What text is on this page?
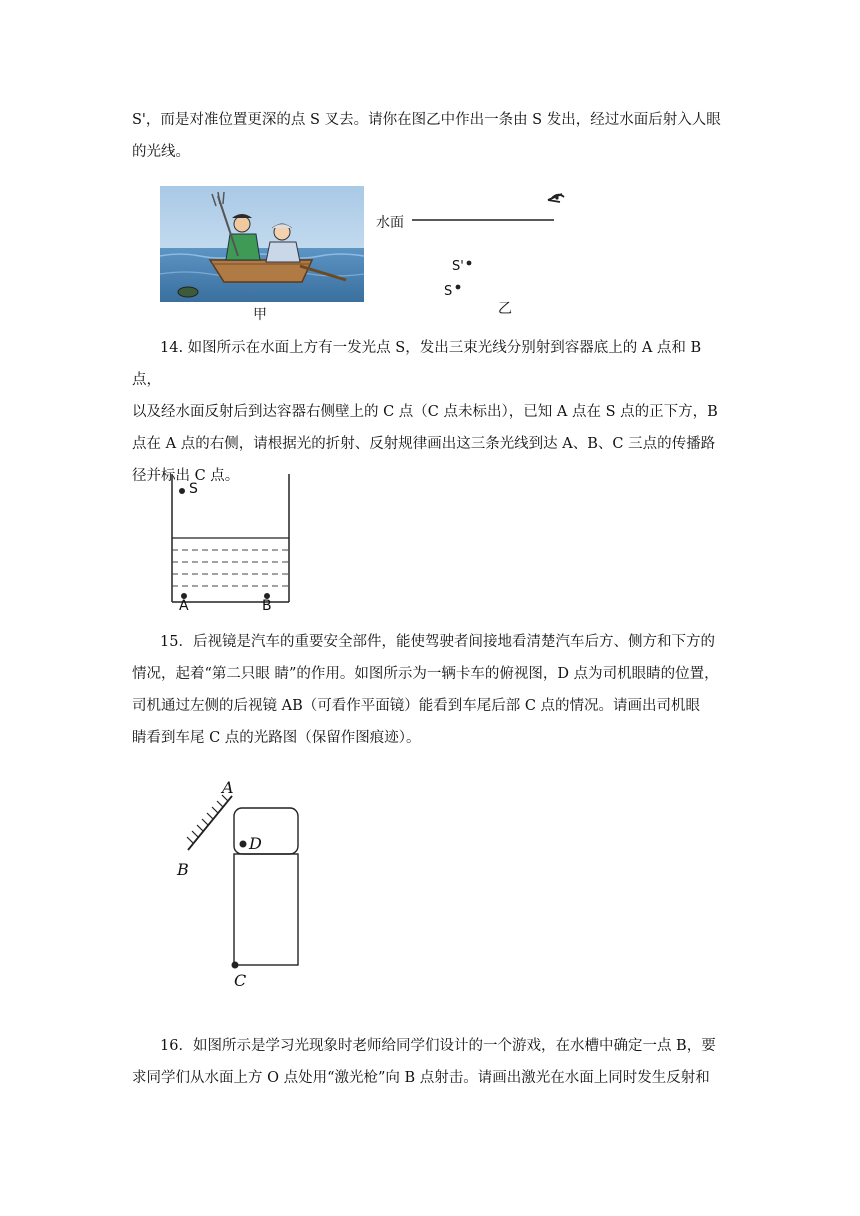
S'，而是对准位置更深的点 S 叉去。请你在图乙中作出一条由 S 发出，经过水面后射入人眼

的光线。

甲
水面
S'
S
乙

14. 如图所示在水面上方有一发光点 S，发出三束光线分别射到容器底上的 A 点和 B 点，

以及经水面反射后到达容器右侧壁上的 C 点（C 点未标出），已知 A 点在 S 点的正下方，B

点在 A 点的右侧，请根据光的折射、反射规律画出这三条光线到达 A、B、C 三点的传播路

径并标出 C 点。

S
A	B

15．后视镜是汽车的重要安全部件，能使驾驶者间接地看清楚汽车后方、侧方和下方的

情况，起着“第二只眼 睛”的作用。如图所示为一辆卡车的俯视图，D 点为司机眼睛的位置，

司机通过左侧的后视镜 AB（可看作平面镜）能看到车尾后部 C 点的情况。请画出司机眼

睛看到车尾 C 点的光路图（保留作图痕迹）。

A
B
D
C

16．如图所示是学习光现象时老师给同学们设计的一个游戏，在水槽中确定一点 B，要

求同学们从水面上方 O 点处用“激光枪”向 B 点射击。请画出激光在水面上同时发生反射和
